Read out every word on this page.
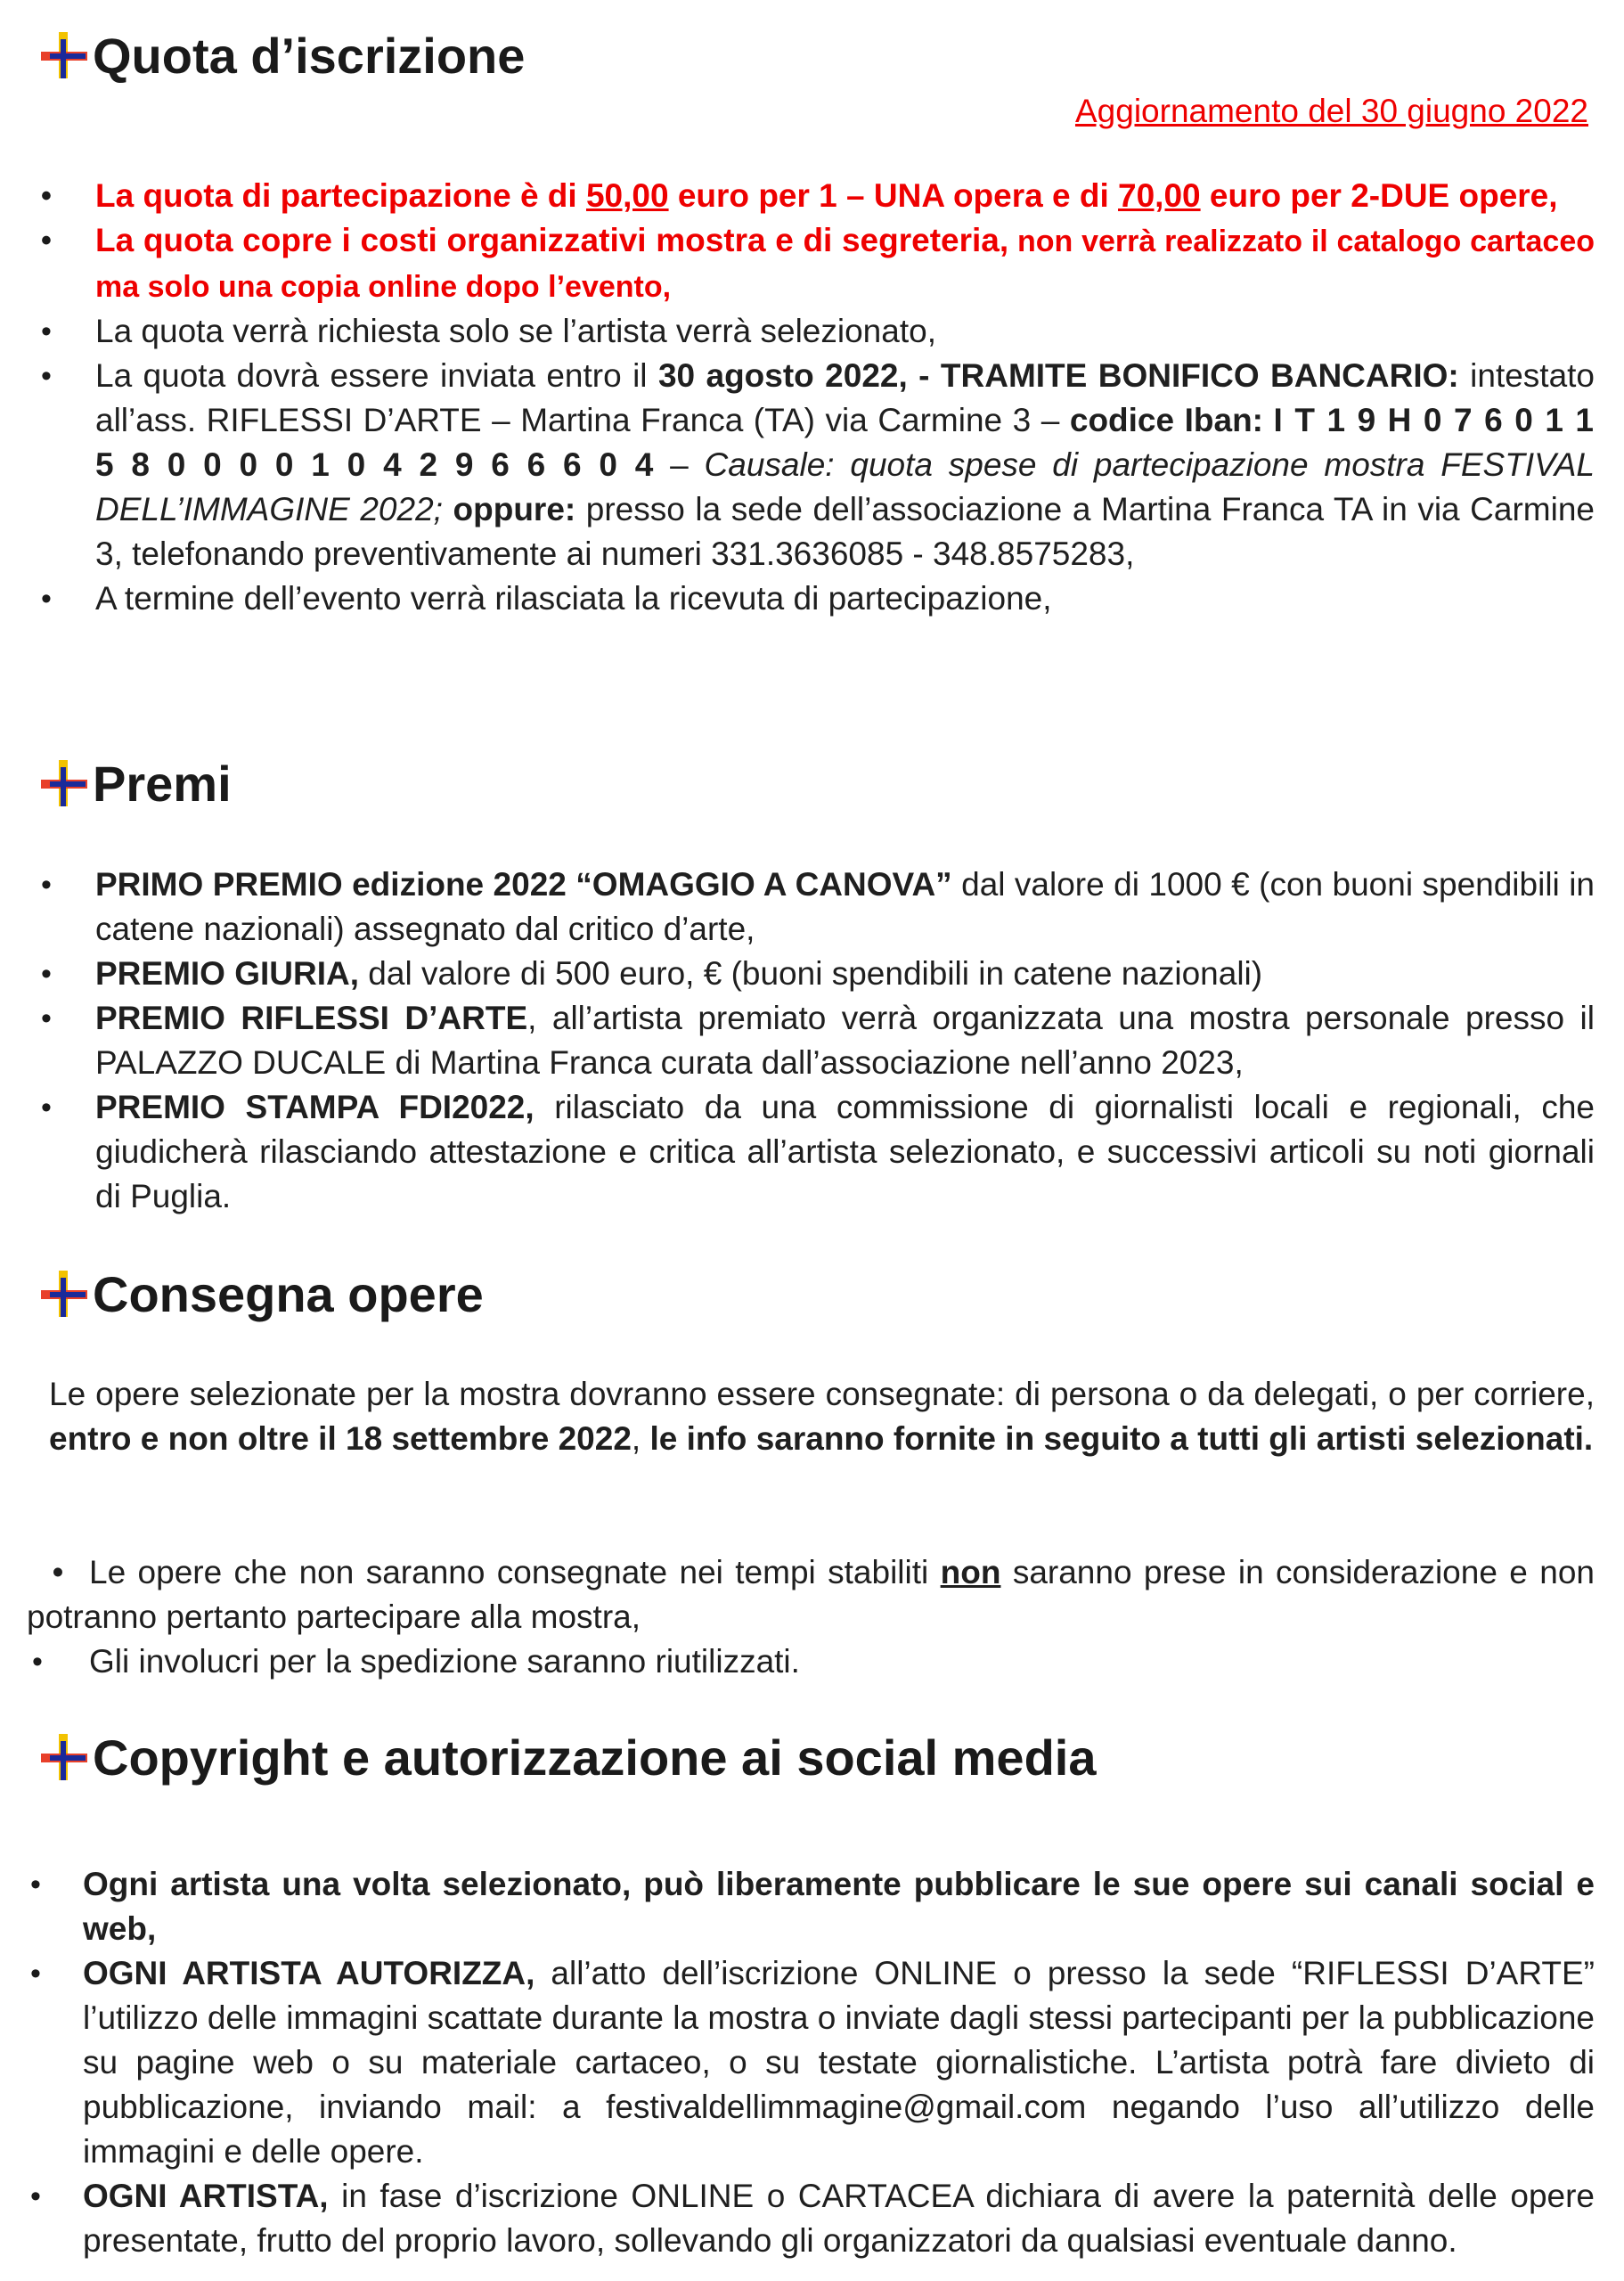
Quota d’iscrizione
Aggiornamento del 30 giugno 2022
• La quota di partecipazione è di 50,00 euro per 1 – UNA opera e di 70,00 euro per 2-DUE opere,
• La quota copre i costi organizzativi mostra e di segreteria, non verrà realizzato il catalogo cartaceo ma solo una copia online dopo l’evento,
• La quota verrà richiesta solo se l’artista verrà selezionato,
• La quota dovrà essere inviata entro il 30 agosto 2022, - TRAMITE BONIFICO BANCARIO: intestato all’ass. RIFLESSI D’ARTE – Martina Franca (TA) via Carmine 3 – codice Iban: I T 1 9 H 0 7 6 0 1 1 5 8 0 0 0 0 1 0 4 2 9 6 6 6 0 4 – Causale: quota spese di partecipazione mostra FESTIVAL DELL’IMMAGINE 2022; oppure: presso la sede dell’associazione a Martina Franca TA in via Carmine 3, telefonando preventivamente ai numeri 331.3636085 - 348.8575283,
• A termine dell’evento verrà rilasciata la ricevuta di partecipazione,
Premi
• PRIMO PREMIO edizione 2022 “OMAGGIO A CANOVA” dal valore di 1000 € (con buoni spendibili in catene nazionali) assegnato dal critico d’arte,
• PREMIO GIURIA, dal valore di 500 euro, € (buoni spendibili in catene nazionali)
• PREMIO RIFLESSI D’ARTE, all’artista premiato verrà organizzata una mostra personale presso il PALAZZO DUCALE di Martina Franca curata dall’associazione nell’anno 2023,
• PREMIO STAMPA FDI2022, rilasciato da una commissione di giornalisti locali e regionali, che giudicherà rilasciando attestazione e critica all’artista selezionato, e successivi articoli su noti giornali di Puglia.
Consegna opere
Le opere selezionate per la mostra dovranno essere consegnate: di persona o da delegati, o per corriere, entro e non oltre il 18 settembre 2022, le info saranno fornite in seguito a tutti gli artisti selezionati.
• Le opere che non saranno consegnate nei tempi stabiliti non saranno prese in considerazione e non potranno pertanto partecipare alla mostra,
• Gli involucri per la spedizione saranno riutilizzati.
Copyright e autorizzazione ai social media
• Ogni artista una volta selezionato, può liberamente pubblicare le sue opere sui canali social e web,
• OGNI ARTISTA AUTORIZZA, all’atto dell’iscrizione ONLINE o presso la sede “RIFLESSI D’ARTE” l’utilizzo delle immagini scattate durante la mostra o inviate dagli stessi partecipanti per la pubblicazione su pagine web o su materiale cartaceo, o su testate giornalistiche. L’artista potrà fare divieto di pubblicazione, inviando mail: a festivaldellimmagine@gmail.com negando l’uso all’utilizzo delle immagini e delle opere.
• OGNI ARTISTA, in fase d’iscrizione ONLINE o CARTACEA dichiara di avere la paternità delle opere presentate, frutto del proprio lavoro, sollevando gli organizzatori da qualsiasi eventuale danno.
